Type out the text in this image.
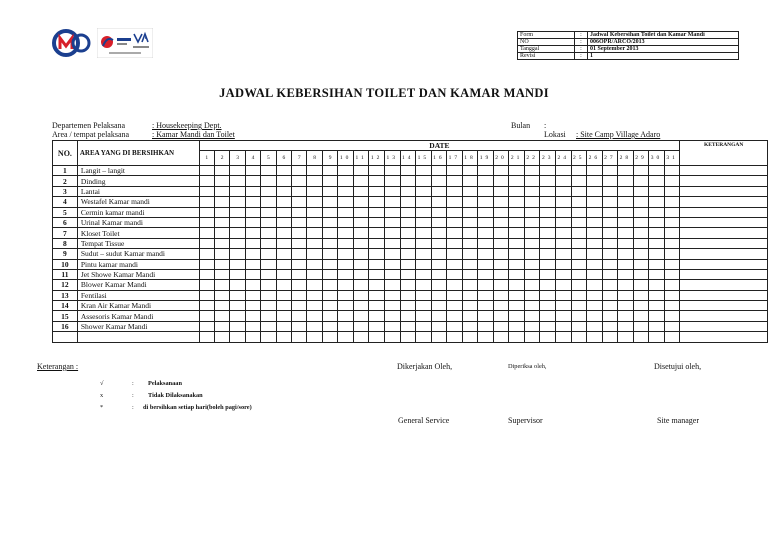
Form	:	Jadwal Kebersihan Toilet dan Kamar Mandi
NO	:	006OPR/ARCO/2013
Tanggal	:	01 September 2013
Revisi	:	1
JADWAL KEBERSIHAN TOILET DAN KAMAR MANDI
Departemen Pelaksana	: Housekeeping Dept.
Area / tempat pelaksana	: Kamar Mandi dan Toilet
Bulan :
Lokasi : Site Camp Village Adaro
NO.	AREA YANG DI BERSIHKAN	DATE																															KETERANGAN
		1	2	3	4	5	6	7	8	9	10	11	12	13	14	15	16	17	18	19	20	21	22	23	24	25	26	27	28	29	30	31	
1	Langit – langit																																
2	Dinding																																
3	Lantai																																
4	Westafel Kamar mandi																																
5	Cermin kamar mandi																																
6	Urinal Kamar mandi																																
7	Kloset Toilet																																
8	Tempat Tissue																																
9	Sudut – sudut Kamar mandi																																
10	Pintu kamar mandi																																
11	Jet Showe Kamar Mandi																																
12	Blower Kamar Mandi																																
13	Fentilasi																																
14	Kran Air Kamar Mandi																																
15	Assesoris Kamar Mandi																																
16	Shower Kamar Mandi																																

Keterangan :
√	: Pelaksanaan
x	: Tidak Dilaksanakan
*	: di bersihkan setiap hari(boleh pagi/sore)
Dikerjakan Oleh,	Diperiksa oleh,	Disetujui oleh,
General Service	Supervisor	Site manager
